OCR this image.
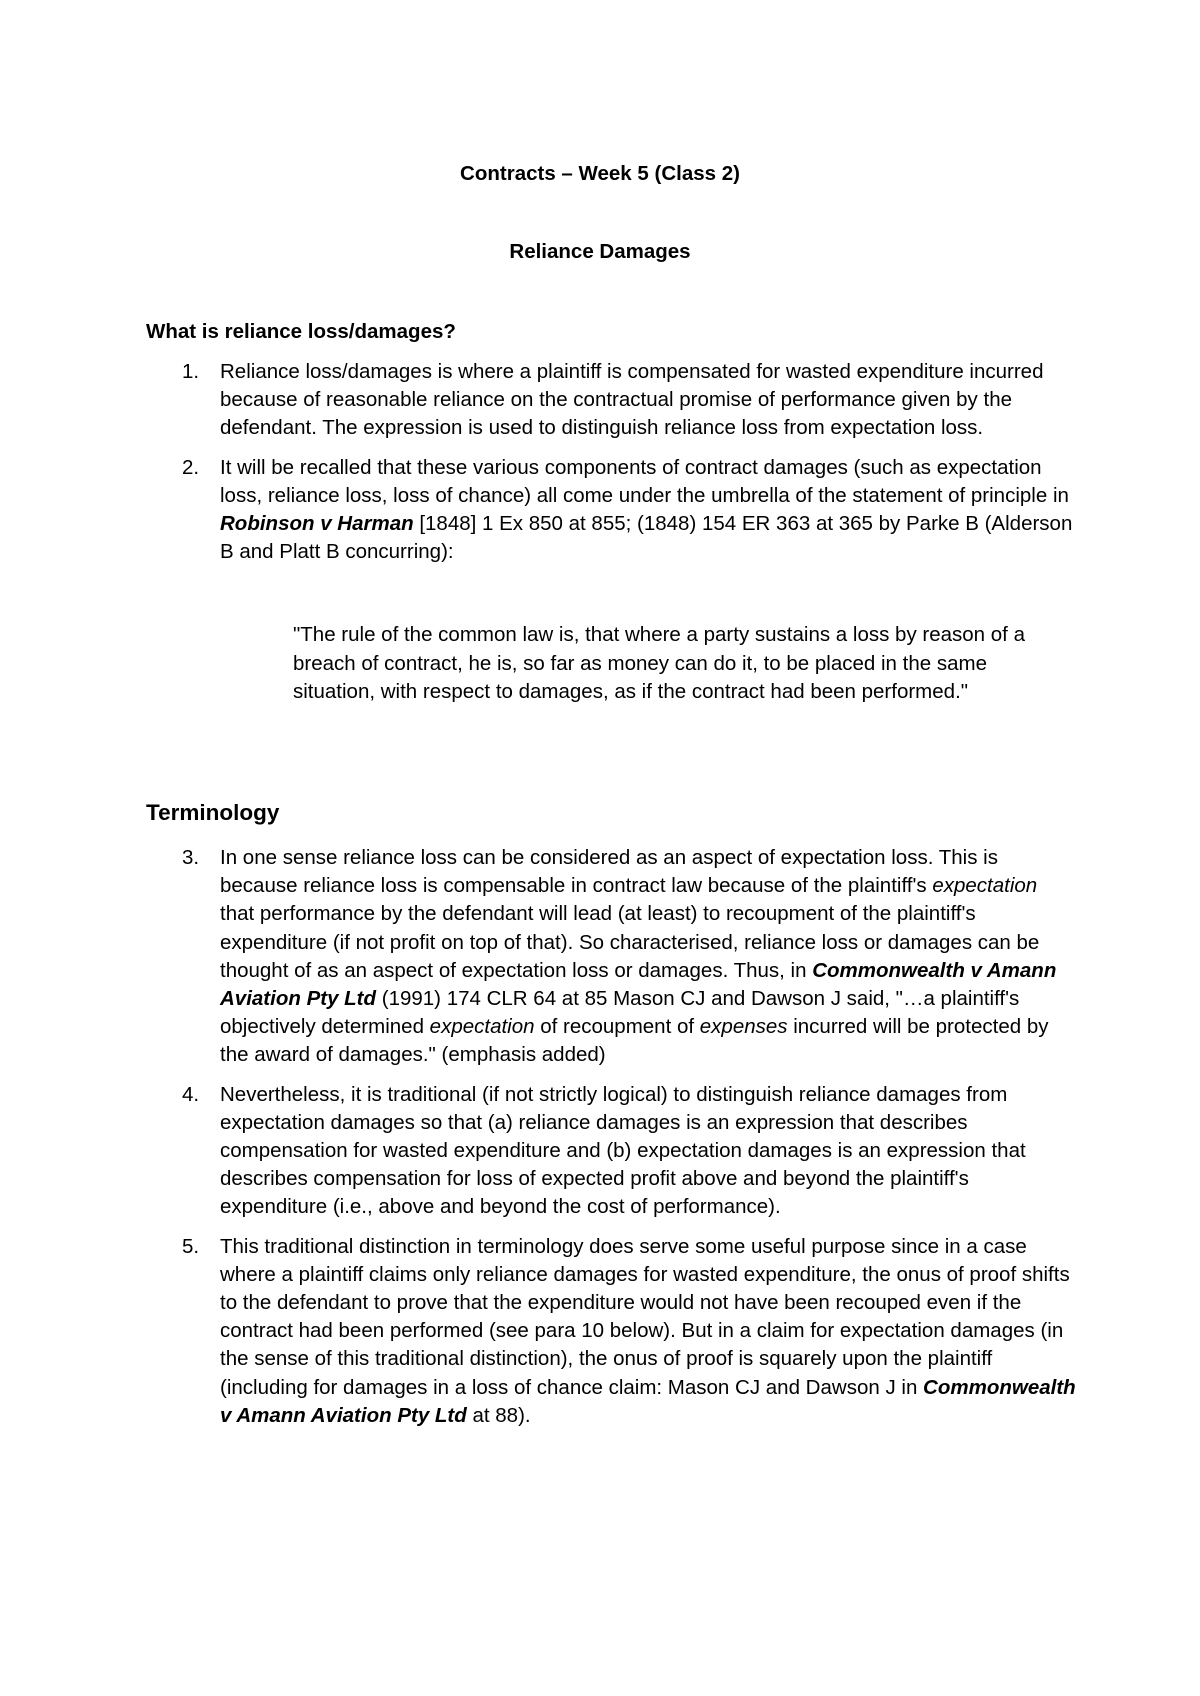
Contracts – Week 5 (Class 2)
Reliance Damages
What is reliance loss/damages?
1. Reliance loss/damages is where a plaintiff is compensated for wasted expenditure incurred because of reasonable reliance on the contractual promise of performance given by the defendant. The expression is used to distinguish reliance loss from expectation loss.
2. It will be recalled that these various components of contract damages (such as expectation loss, reliance loss, loss of chance) all come under the umbrella of the statement of principle in Robinson v Harman [1848] 1 Ex 850 at 855; (1848) 154 ER 363 at 365 by Parke B (Alderson B and Platt B concurring):

"The rule of the common law is, that where a party sustains a loss by reason of a breach of contract, he is, so far as money can do it, to be placed in the same situation, with respect to damages, as if the contract had been performed."

Terminology
3. In one sense reliance loss can be considered as an aspect of expectation loss. This is because reliance loss is compensable in contract law because of the plaintiff's expectation that performance by the defendant will lead (at least) to recoupment of the plaintiff's expenditure (if not profit on top of that). So characterised, reliance loss or damages can be thought of as an aspect of expectation loss or damages. Thus, in Commonwealth v Amann Aviation Pty Ltd (1991) 174 CLR 64 at 85 Mason CJ and Dawson J said, "…a plaintiff's objectively determined expectation of recoupment of expenses incurred will be protected by the award of damages." (emphasis added)
4. Nevertheless, it is traditional (if not strictly logical) to distinguish reliance damages from expectation damages so that (a) reliance damages is an expression that describes compensation for wasted expenditure and (b) expectation damages is an expression that describes compensation for loss of expected profit above and beyond the plaintiff's expenditure (i.e., above and beyond the cost of performance).
5. This traditional distinction in terminology does serve some useful purpose since in a case where a plaintiff claims only reliance damages for wasted expenditure, the onus of proof shifts to the defendant to prove that the expenditure would not have been recouped even if the contract had been performed (see para 10 below). But in a claim for expectation damages (in the sense of this traditional distinction), the onus of proof is squarely upon the plaintiff (including for damages in a loss of chance claim: Mason CJ and Dawson J in Commonwealth v Amann Aviation Pty Ltd at 88).
